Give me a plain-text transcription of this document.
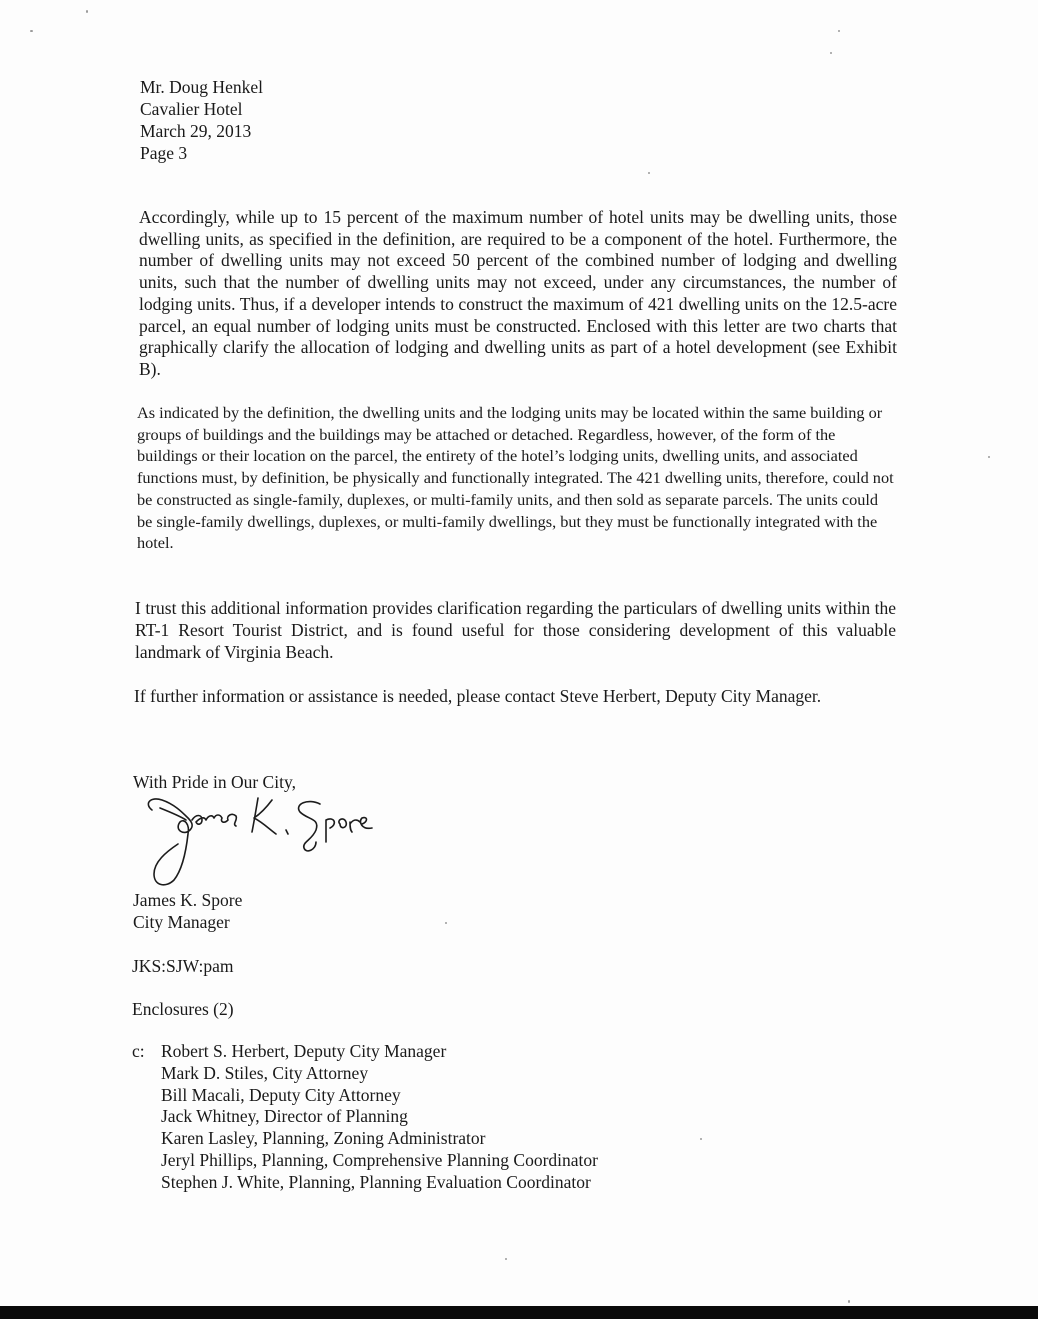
Mr. Doug Henkel
Cavalier Hotel
March 29, 2013
Page 3

Accordingly, while up to 15 percent of the maximum number of hotel units may be dwelling units, those dwelling units, as specified in the definition, are required to be a component of the hotel. Furthermore, the number of dwelling units may not exceed 50 percent of the combined number of lodging and dwelling units, such that the number of dwelling units may not exceed, under any circumstances, the number of lodging units. Thus, if a developer intends to construct the maximum of 421 dwelling units on the 12.5-acre parcel, an equal number of lodging units must be constructed. Enclosed with this letter are two charts that graphically clarify the allocation of lodging and dwelling units as part of a hotel development (see Exhibit B).

As indicated by the definition, the dwelling units and the lodging units may be located within the same building or groups of buildings and the buildings may be attached or detached. Regardless, however, of the form of the buildings or their location on the parcel, the entirety of the hotel’s lodging units, dwelling units, and associated functions must, by definition, be physically and functionally integrated. The 421 dwelling units, therefore, could not be constructed as single-family, duplexes, or multi-family units, and then sold as separate parcels. The units could be single-family dwellings, duplexes, or multi-family dwellings, but they must be functionally integrated with the hotel.

I trust this additional information provides clarification regarding the particulars of dwelling units within the RT-1 Resort Tourist District, and is found useful for those considering development of this valuable landmark of Virginia Beach.

If further information or assistance is needed, please contact Steve Herbert, Deputy City Manager.

With Pride in Our City,
James K. Spore
City Manager
JKS:SJW:pam
Enclosures (2)
c: Robert S. Herbert, Deputy City Manager
Mark D. Stiles, City Attorney
Bill Macali, Deputy City Attorney
Jack Whitney, Director of Planning
Karen Lasley, Planning, Zoning Administrator
Jeryl Phillips, Planning, Comprehensive Planning Coordinator
Stephen J. White, Planning, Planning Evaluation Coordinator
